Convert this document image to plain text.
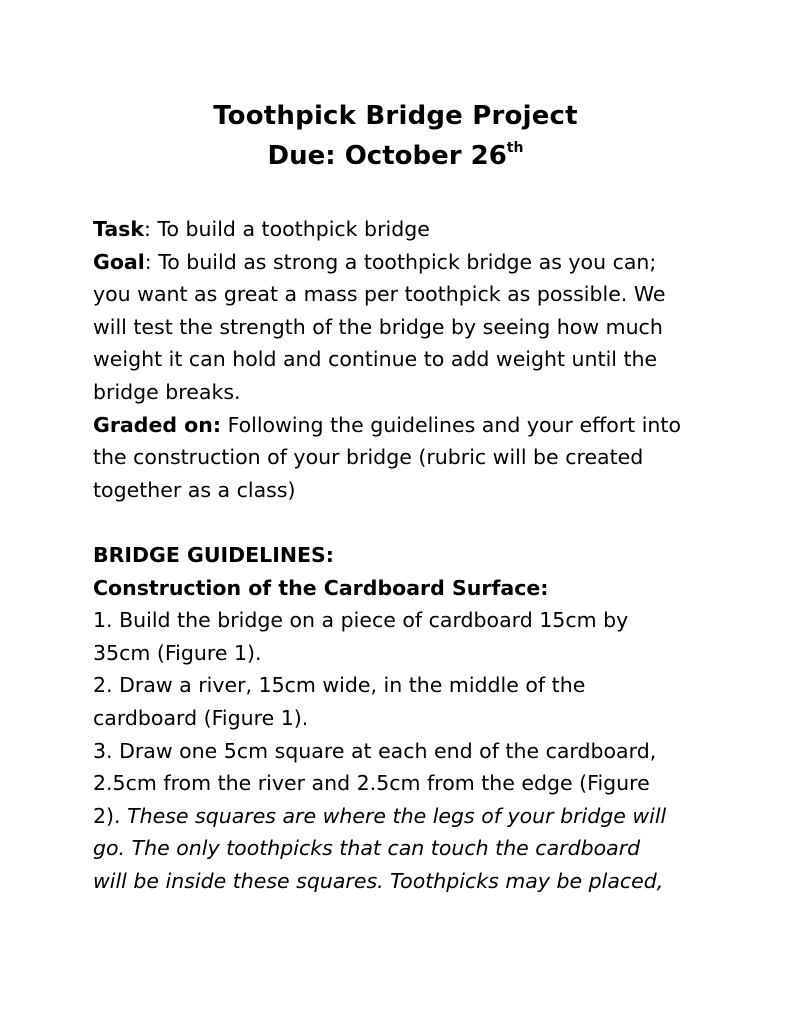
Toothpick Bridge Project
Due: October 26th
Task: To build a toothpick bridge
Goal: To build as strong a toothpick bridge as you can;
you want as great a mass per toothpick as possible. We
will test the strength of the bridge by seeing how much
weight it can hold and continue to add weight until the
bridge breaks.
Graded on: Following the guidelines and your effort into
the construction of your bridge (rubric will be created
together as a class)
BRIDGE GUIDELINES:
Construction of the Cardboard Surface:
1. Build the bridge on a piece of cardboard 15cm by
35cm (Figure 1).
2. Draw a river, 15cm wide, in the middle of the
cardboard (Figure 1).
3. Draw one 5cm square at each end of the cardboard,
2.5cm from the river and 2.5cm from the edge (Figure
2). These squares are where the legs of your bridge will
go. The only toothpicks that can touch the cardboard
will be inside these squares. Toothpicks may be placed,
